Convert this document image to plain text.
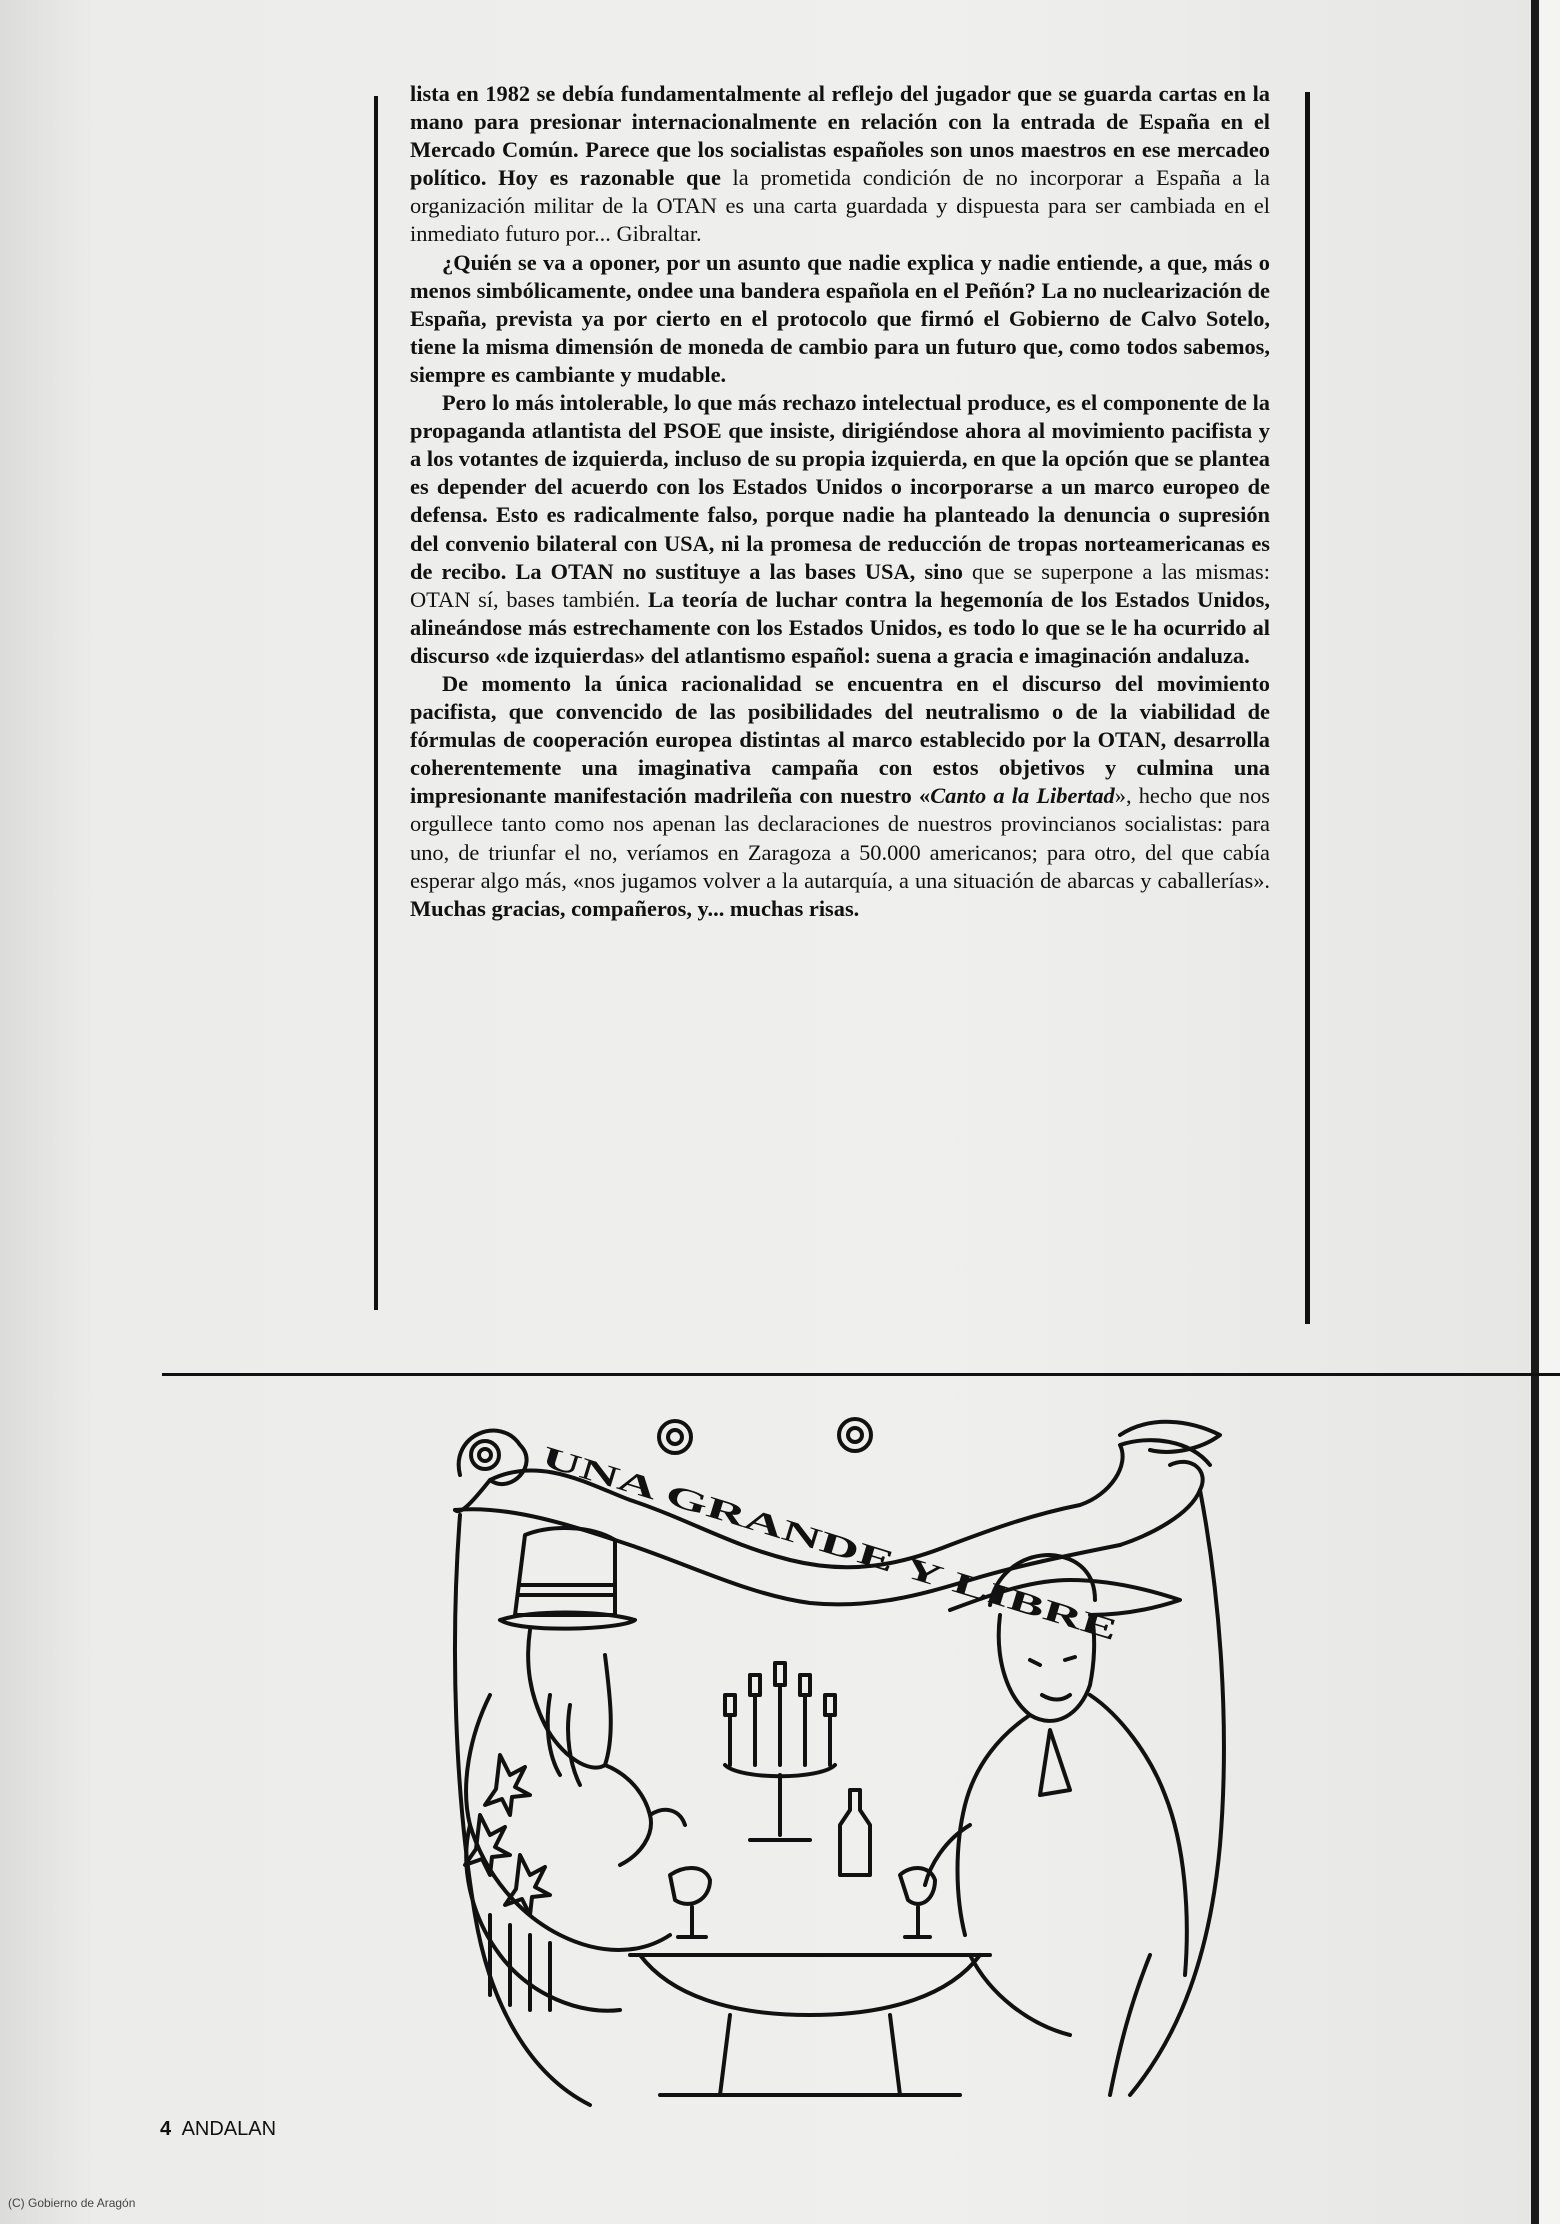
lista en 1982 se debía fundamentalmente al reflejo del jugador que se guarda cartas en la mano para presionar internacionalmente en relación con la entrada de España en el Mercado Común. Parece que los socialistas españoles son unos maestros en ese mercadeo político. Hoy es razonable que la prometida condición de no incorporar a España a la organización militar de la OTAN es una carta guardada y dispuesta para ser cambiada en el inmediato futuro por... Gibraltar.

¿Quién se va a oponer, por un asunto que nadie explica y nadie entiende, a que, más o menos simbólicamente, ondee una bandera española en el Peñón? La no nuclearización de España, prevista ya por cierto en el protocolo que firmó el Gobierno de Calvo Sotelo, tiene la misma dimensión de moneda de cambio para un futuro que, como todos sabemos, siempre es cambiante y mudable.

Pero lo más intolerable, lo que más rechazo intelectual produce, es el componente de la propaganda atlantista del PSOE que insiste, dirigiéndose ahora al movimiento pacifista y a los votantes de izquierda, incluso de su propia izquierda, en que la opción que se plantea es depender del acuerdo con los Estados Unidos o incorporarse a un marco europeo de defensa. Esto es radicalmente falso, porque nadie ha planteado la denuncia o supresión del convenio bilateral con USA, ni la promesa de reducción de tropas norteamericanas es de recibo. La OTAN no sustituye a las bases USA, sino que se superpone a las mismas: OTAN sí, bases también. La teoría de luchar contra la hegemonía de los Estados Unidos, alineándose más estrechamente con los Estados Unidos, es todo lo que se le ha ocurrido al discurso «de izquierdas» del atlantismo español: suena a gracia e imaginación andaluza.

De momento la única racionalidad se encuentra en el discurso del movimiento pacifista, que convencido de las posibilidades del neutralismo o de la viabilidad de fórmulas de cooperación europea distintas al marco establecido por la OTAN, desarrolla coherentemente una imaginativa campaña con estos objetivos y culmina una impresionante manifestación madrileña con nuestro «Canto a la Libertad», hecho que nos orgullece tanto como nos apenan las declaraciones de nuestros provincianos socialistas: para uno, de triunfar el no, veríamos en Zaragoza a 50.000 americanos; para otro, del que cabía esperar algo más, «nos jugamos volver a la autarquía, a una situación de abarcas y caballerías». Muchas gracias, compañeros, y... muchas risas.

UNA GRANDE Y LIBRE
4 ANDALAN
(C) Gobierno de Aragón
